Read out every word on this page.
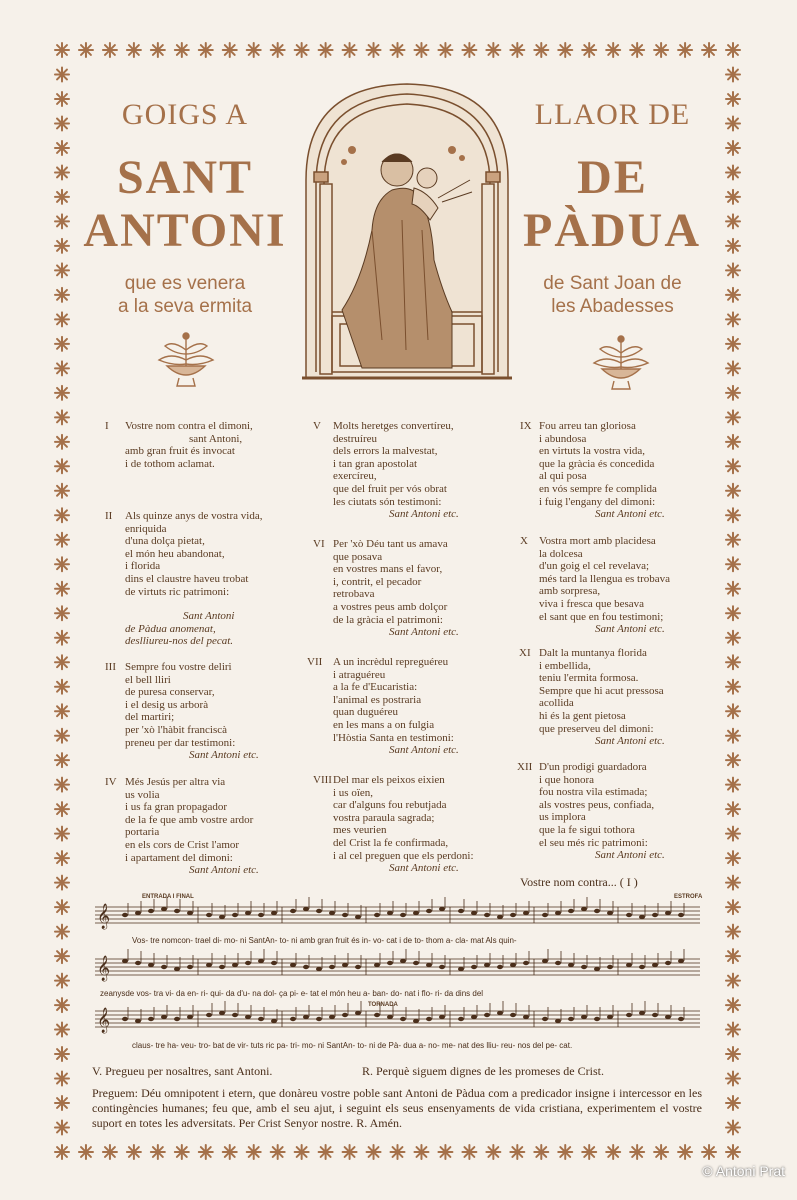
GOIGS A	LLAOR DE
SANT	DE
ANTONI	PÀDUA
que es venera
a la seva ermita
de Sant Joan de
les Abadesses
I Vostre nom contra el dimoni,
sant Antoni,
amb gran fruit és invocat
i de tothom aclamat.
II Als quinze anys de vostra vida,
enriquida
d'una dolça pietat,
el món heu abandonat,
i florida
dins el claustre haveu trobat
de virtuts ric patrimoni:
Sant Antoni
de Pàdua anomenat,
deslliureu-nos del pecat.
III Sempre fou vostre deliri
el bell lliri
de puresa conservar,
i el desig us arborà
del martiri;
per 'xò l'hàbit franciscà
preneu per dar testimoni:
Sant Antoni etc.
IV Més Jesús per altra via
us volia
i us fa gran propagador
de la fe que amb vostre ardor
portaria
en els cors de Crist l'amor
i apartament del dimoni:
Sant Antoni etc.
V Molts heretges convertíreu,
destruíreu
dels errors la malvestat,
i tan gran apostolat
exercíreu,
que del fruit per vós obrat
les ciutats són testimoni:
Sant Antoni etc.
VI Per 'xò Déu tant us amava
que posava
en vostres mans el favor,
i, contrit, el pecador
retrobava
a vostres peus amb dolçor
de la gràcia el patrimoni:
Sant Antoni etc.
VII A un incrèdul repreguéreu
i atraguéreu
a la fe d'Eucaristia:
l'animal es postraria
quan duguéreu
en les mans a on fulgia
l'Hòstia Santa en testimoni:
Sant Antoni etc.
VIII Del mar els peixos eixien
i us oïen,
car d'alguns fou rebutjada
vostra paraula sagrada;
mes veurien
del Crist la fe confirmada,
i al cel preguen que els perdoni:
Sant Antoni etc.
IX Fou arreu tan gloriosa
i abundosa
en virtuts la vostra vida,
que la gràcia és concedida
al qui posa
en vós sempre fe complida
i fuig l'engany del dimoni:
Sant Antoni etc.
X Vostra mort amb placidesa
la dolcesa
d'un goig el cel revelava;
més tard la llengua es trobava
amb sorpresa,
viva i fresca que besava
el sant que en fou testimoni;
Sant Antoni etc.
XI Dalt la muntanya florida
i embellida,
teniu l'ermita formosa.
Sempre que hi acut pressosa
acollida
hi és la gent pietosa
que preserveu del dimoni:
Sant Antoni etc.
XII D'un prodigi guardadora
i que honora
fou nostra vila estimada;
als vostres peus, confiada,
us implora
que la fe sigui tothora
el seu més ric patrimoni:
Sant Antoni etc.
Vostre nom contra... ( I )
ENTRADA I FINAL	ESTROFA
TORNADA
𝄞
𝄞
𝄞
Vos- tre nomcon- trael di- mo- ni SantAn- to- ni amb gran fruit és in- vo- cat i de to- thom a- cla- mat Als quin-
zeanysde vos- tra vi- da en- ri- qui- da d'u- na dol- ça pi- e- tat el món heu a- ban- do- nat i flo- ri- da dins del
claus- tre ha- veu- tro- bat de vir- tuts ric pa- tri- mo- ni SantAn- to- ni de Pà- dua a- no- me- nat des lliu- reu- nos del pe- cat.
V. Pregueu per nosaltres, sant Antoni.	R. Perquè siguem dignes de les promeses de Crist.
Preguem: Déu omnipotent i etern, que donàreu vostre poble sant Antoni de Pàdua com a predicador insigne i intercessor en les contingències humanes; feu que, amb el seu ajut, i seguint els seus ensenyaments de vida cristiana, experimentem el vostre suport en totes les adversitats. Per Crist Senyor nostre. R. Amén.
© Antoni Prat
